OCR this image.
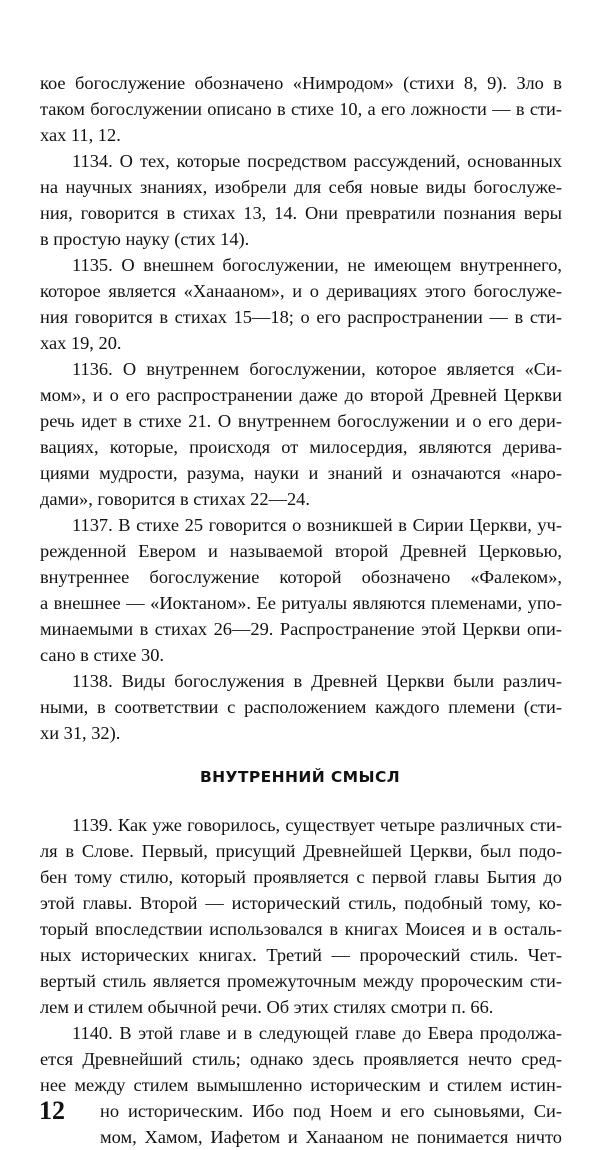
кое богослужение обозначено «Нимродом» (стихи 8, 9). Зло в
таком богослужении описано в стихе 10, а его ложности — в сти-
хах 11, 12.
1134. О тех, которые посредством рассуждений, основанных
на научных знаниях, изобрели для себя новые виды богослуже-
ния, говорится в стихах 13, 14. Они превратили познания веры
в простую науку (стих 14).
1135. О внешнем богослужении, не имеющем внутреннего,
которое является «Ханааном», и о деривациях этого богослуже-
ния говорится в стихах 15—18; о его распространении — в сти-
хах 19, 20.
1136. О внутреннем богослужении, которое является «Си-
мом», и о его распространении даже до второй Древней Церкви
речь идет в стихе 21. О внутреннем богослужении и о его дери-
вациях, которые, происходя от милосердия, являются дерива-
циями мудрости, разума, науки и знаний и означаются «наро-
дами», говорится в стихах 22—24.
1137. В стихе 25 говорится о возникшей в Сирии Церкви, уч-
режденной Евером и называемой второй Древней Церковью,
внутреннее богослужение которой обозначено «Фалеком»,
а внешнее — «Иоктаном». Ее ритуалы являются племенами, упо-
минаемыми в стихах 26—29. Распространение этой Церкви опи-
сано в стихе 30.
1138. Виды богослужения в Древней Церкви были различ-
ными, в соответствии с расположением каждого племени (сти-
хи 31, 32).
ВНУТРЕННИЙ СМЫСЛ
1139. Как уже говорилось, существует четыре различных сти-
ля в Слове. Первый, присущий Древнейшей Церкви, был подо-
бен тому стилю, который проявляется с первой главы Бытия до
этой главы. Второй — исторический стиль, подобный тому, ко-
торый впоследствии использовался в книгах Моисея и в осталь-
ных исторических книгах. Третий — пророческий стиль. Чет-
вертый стиль является промежуточным между пророческим сти-
лем и стилем обычной речи. Об этих стилях смотри п. 66.
1140. В этой главе и в следующей главе до Евера продолжа-
ется Древнейший стиль; однако здесь проявляется нечто сред-
нее между стилем вымышленно историческим и стилем истин-
но историческим. Ибо под Ноем и его сыновьями, Си-
мом, Хамом, Иафетом и Ханааном не понимается ничто
12
